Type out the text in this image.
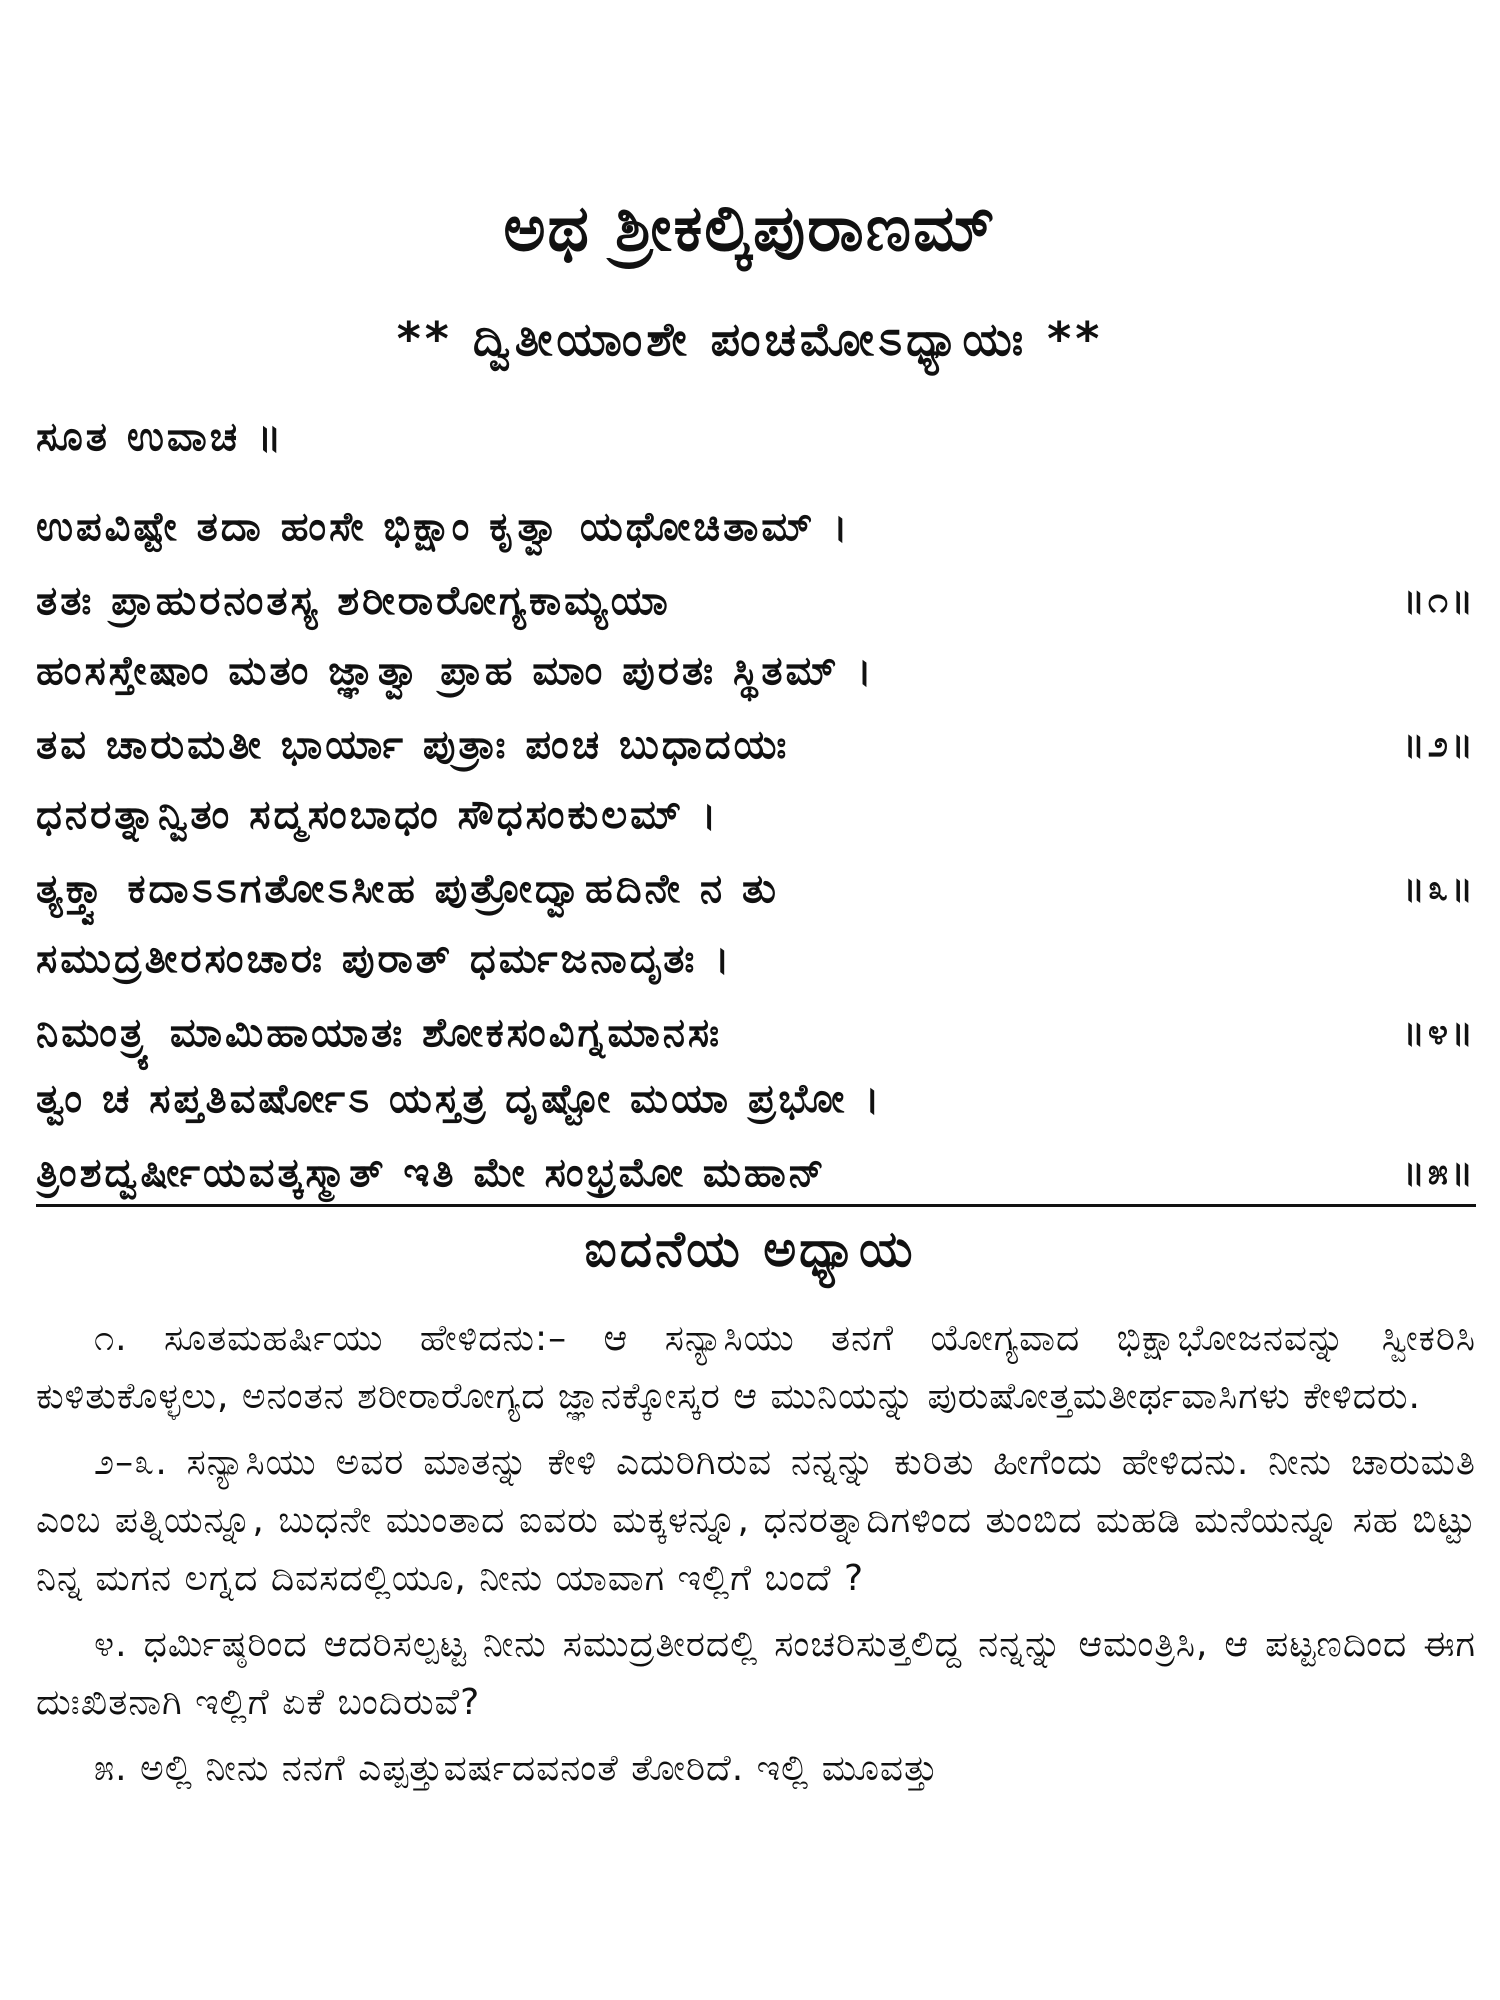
ಅಥ ಶ್ರೀಕಲ್ಕಿಪುರಾಣಮ್
** ದ್ವಿತೀಯಾಂಶೇ ಪಂಚಮೋಽಧ್ಯಾಯಃ **
ಸೂತ ಉವಾಚ ॥
ಉಪವಿಷ್ಟೇ ತದಾ ಹಂಸೇ ಭಿಕ್ಷಾಂ ಕೃತ್ವಾ ಯಥೋಚಿತಾಮ್ ।
ತತಃ ಪ್ರಾಹುರನಂತಸ್ಯ ಶರೀರಾರೋಗ್ಯಕಾಮ್ಯಯಾ	॥೧॥
ಹಂಸಸ್ತೇಷಾಂ ಮತಂ ಜ್ಞಾತ್ವಾ ಪ್ರಾಹ ಮಾಂ ಪುರತಃ ಸ್ಥಿತಮ್ ।
ತವ ಚಾರುಮತೀ ಭಾರ್ಯಾ ಪುತ್ರಾಃ ಪಂಚ ಬುಧಾದಯಃ	॥೨॥
ಧನರತ್ನಾನ್ವಿತಂ ಸದ್ಮಸಂಬಾಧಂ ಸೌಧಸಂಕುಲಮ್ ।
ತ್ಯಕ್ತ್ವಾ ಕದಾಽಽಗತೋಽಸೀಹ ಪುತ್ರೋದ್ವಾಹದಿನೇ ನ ತು	॥೩॥
ಸಮುದ್ರತೀರಸಂಚಾರಃ ಪುರಾತ್ ಧರ್ಮಜನಾದೃತಃ ।
ನಿಮಂತ್ರ್ಯ ಮಾಮಿಹಾಯಾತಃ ಶೋಕಸಂವಿಗ್ನಮಾನಸಃ	॥೪॥
ತ್ವಂ ಚ ಸಪ್ತತಿವರ್ಷೋಽ ಯಸ್ತತ್ರ ದೃಷ್ಟೋ ಮಯಾ ಪ್ರಭೋ ।
ತ್ರಿಂಶದ್ವರ್ಷೀಯವತ್ಕಸ್ಮಾತ್ ಇತಿ ಮೇ ಸಂಭ್ರಮೋ ಮಹಾನ್	॥೫॥
ಐದನೆಯ ಅಧ್ಯಾಯ

೧. ಸೂತಮಹರ್ಷಿಯು ಹೇಳಿದನು:– ಆ ಸನ್ಯಾಸಿಯು ತನಗೆ ಯೋಗ್ಯವಾದ ಭಿಕ್ಷಾಭೋಜನವನ್ನು ಸ್ವೀಕರಿಸಿ ಕುಳಿತುಕೊಳ್ಳಲು, ಅನಂತನ ಶರೀರಾರೋಗ್ಯದ ಜ್ಞಾನಕ್ಕೋಸ್ಕರ ಆ ಮುನಿಯನ್ನು ಪುರುಷೋತ್ತಮತೀರ್ಥವಾಸಿಗಳು ಕೇಳಿದರು.

೨–೩. ಸನ್ಯಾಸಿಯು ಅವರ ಮಾತನ್ನು ಕೇಳಿ ಎದುರಿಗಿರುವ ನನ್ನನ್ನು ಕುರಿತು ಹೀಗೆಂದು ಹೇಳಿದನು. ನೀನು ಚಾರುಮತಿ ಎಂಬ ಪತ್ನಿಯನ್ನೂ, ಬುಧನೇ ಮುಂತಾದ ಐವರು ಮಕ್ಕಳನ್ನೂ, ಧನರತ್ನಾದಿಗಳಿಂದ ತುಂಬಿದ ಮಹಡಿ ಮನೆಯನ್ನೂ ಸಹ ಬಿಟ್ಟು ನಿನ್ನ ಮಗನ ಲಗ್ನದ ದಿವಸದಲ್ಲಿಯೂ, ನೀನು ಯಾವಾಗ ಇಲ್ಲಿಗೆ ಬಂದೆ ?

೪. ಧರ್ಮಿಷ್ಠರಿಂದ ಆದರಿಸಲ್ಪಟ್ಟ ನೀನು ಸಮುದ್ರತೀರದಲ್ಲಿ ಸಂಚರಿಸುತ್ತಲಿದ್ದ ನನ್ನನ್ನು ಆಮಂತ್ರಿಸಿ, ಆ ಪಟ್ಟಣದಿಂದ ಈಗ ದುಃಖಿತನಾಗಿ ಇಲ್ಲಿಗೆ ಏಕೆ ಬಂದಿರುವೆ?

೫. ಅಲ್ಲಿ ನೀನು ನನಗೆ ಎಪ್ಪತ್ತುವರ್ಷದವನಂತೆ ತೋರಿದೆ. ಇಲ್ಲಿ ಮೂವತ್ತು
